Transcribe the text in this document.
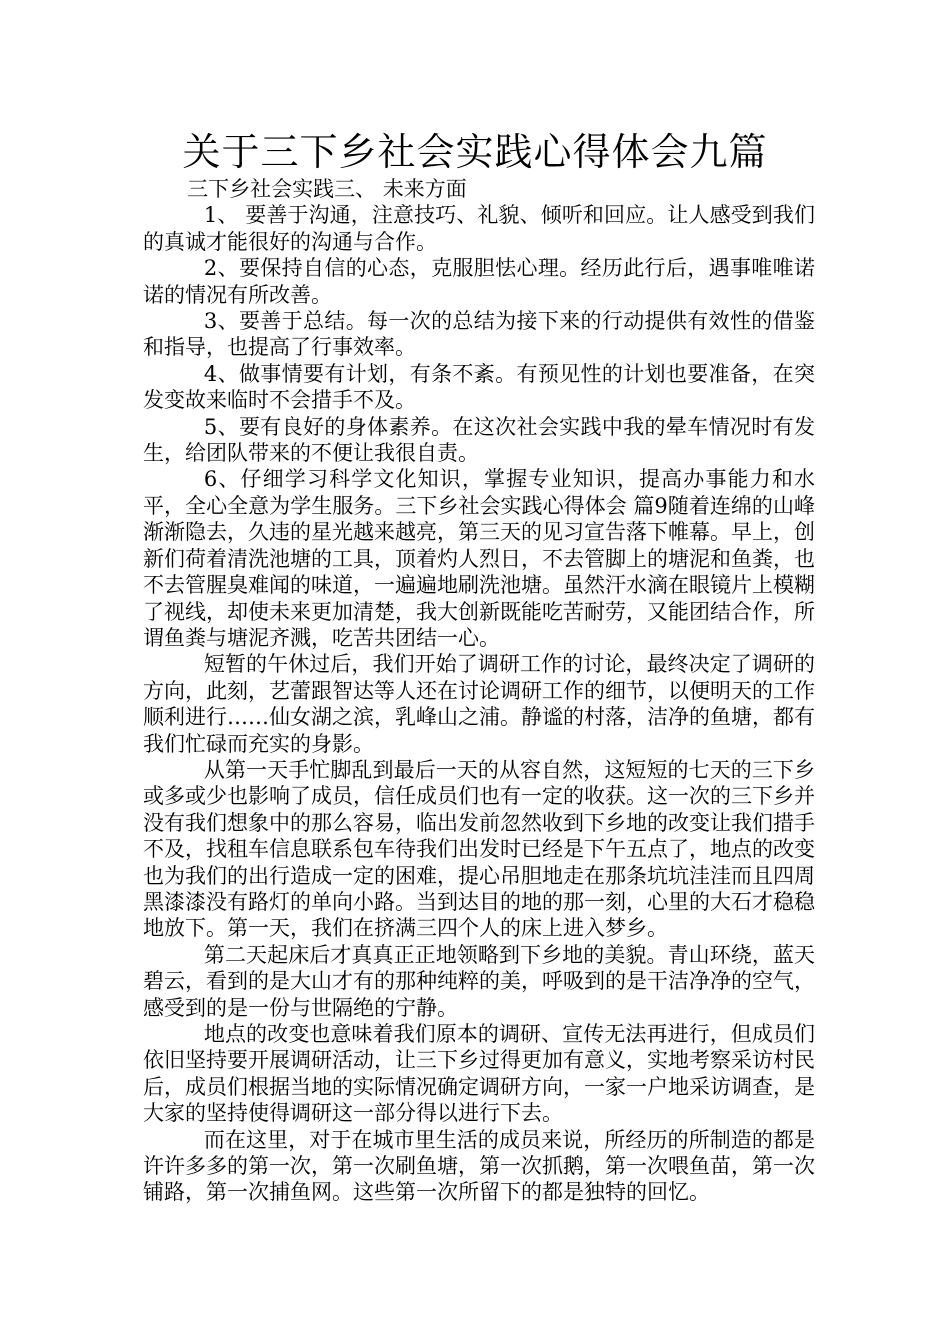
关于三下乡社会实践心得体会九篇

三下乡社会实践三、 未来方面

1、 要善于沟通，注意技巧、礼貌、倾听和回应。让人感受到我们的真诚才能很好的沟通与合作。

2、要保持自信的心态，克服胆怯心理。经历此行后，遇事唯唯诺诺的情况有所改善。

3、要善于总结。每一次的总结为接下来的行动提供有效性的借鉴和指导，也提高了行事效率。

4、做事情要有计划，有条不紊。有预见性的计划也要准备，在突发变故来临时不会措手不及。

5、要有良好的身体素养。在这次社会实践中我的晕车情况时有发生，给团队带来的不便让我很自责。

6、仔细学习科学文化知识，掌握专业知识，提高办事能力和水平，全心全意为学生服务。三下乡社会实践心得体会 篇9随着连绵的山峰渐渐隐去，久违的星光越来越亮，第三天的见习宣告落下帷幕。早上，创新们荷着清洗池塘的工具，顶着灼人烈日，不去管脚上的塘泥和鱼粪，也不去管腥臭难闻的味道，一遍遍地刷洗池塘。虽然汗水滴在眼镜片上模糊了视线，却使未来更加清楚，我大创新既能吃苦耐劳，又能团结合作，所谓鱼粪与塘泥齐溅，吃苦共团结一心。

短暂的午休过后，我们开始了调研工作的讨论，最终决定了调研的方向，此刻，艺蕾跟智达等人还在讨论调研工作的细节，以便明天的工作顺利进行……仙女湖之滨，乳峰山之浦。静谧的村落，洁净的鱼塘，都有我们忙碌而充实的身影。

从第一天手忙脚乱到最后一天的从容自然，这短短的七天的三下乡或多或少也影响了成员，信任成员们也有一定的收获。这一次的三下乡并没有我们想象中的那么容易，临出发前忽然收到下乡地的改变让我们措手不及，找租车信息联系包车待我们出发时已经是下午五点了，地点的改变也为我们的出行造成一定的困难，提心吊胆地走在那条坑坑洼洼而且四周黑漆漆没有路灯的单向小路。当到达目的地的那一刻，心里的大石才稳稳地放下。第一天，我们在挤满三四个人的床上进入梦乡。

第二天起床后才真真正正地领略到下乡地的美貌。青山环绕，蓝天碧云，看到的是大山才有的那种纯粹的美，呼吸到的是干洁净净的空气，感受到的是一份与世隔绝的宁静。

地点的改变也意味着我们原本的调研、宣传无法再进行，但成员们依旧坚持要开展调研活动，让三下乡过得更加有意义，实地考察采访村民后，成员们根据当地的实际情况确定调研方向，一家一户地采访调查，是大家的坚持使得调研这一部分得以进行下去。

而在这里，对于在城市里生活的成员来说，所经历的所制造的都是许许多多的第一次，第一次刷鱼塘，第一次抓鹅，第一次喂鱼苗，第一次铺路，第一次捕鱼网。这些第一次所留下的都是独特的回忆。
